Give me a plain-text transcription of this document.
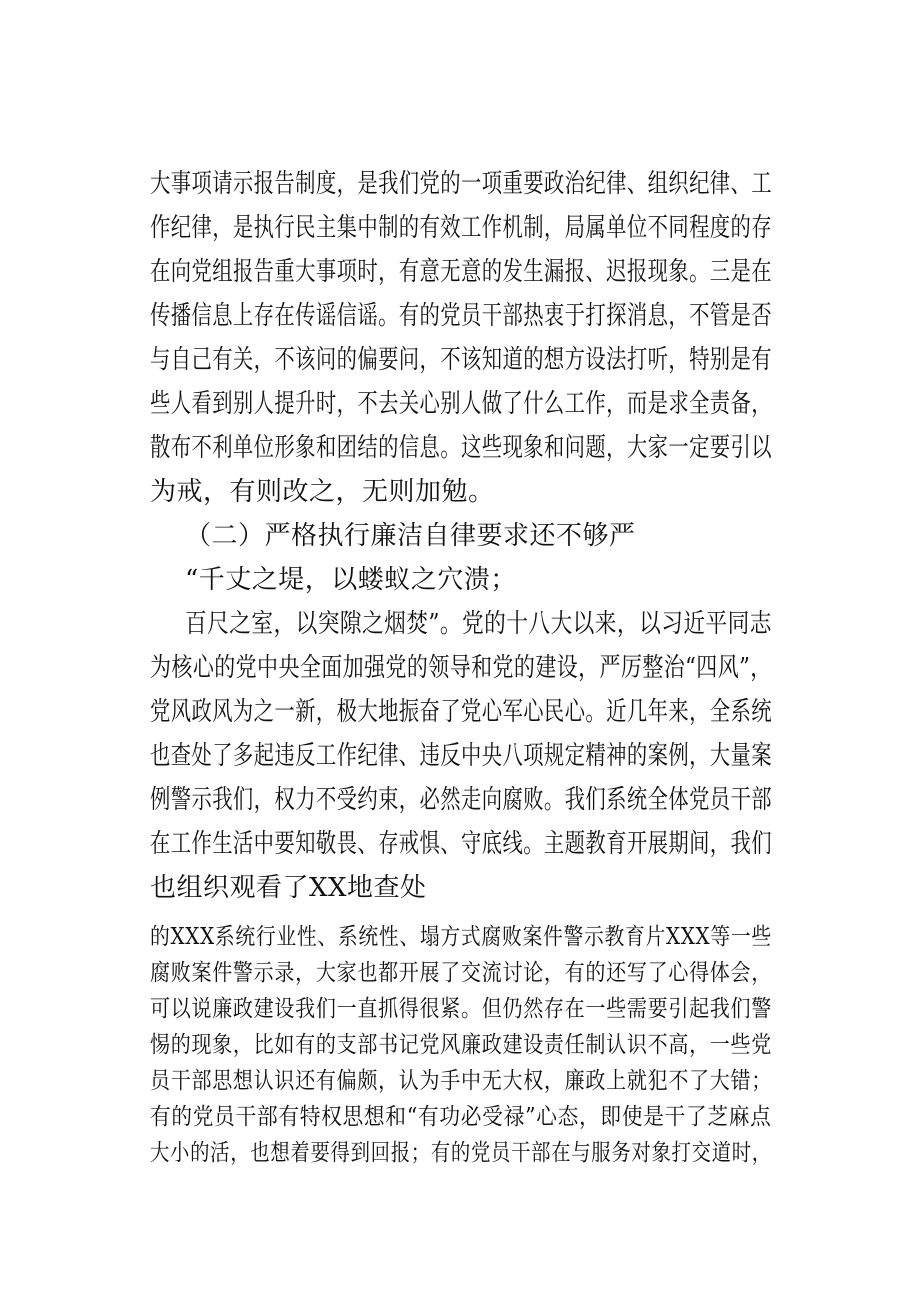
大事项请示报告制度，是我们党的一项重要政治纪律、组织纪律、工
作纪律，是执行民主集中制的有效工作机制，局属单位不同程度的存
在向党组报告重大事项时，有意无意的发生漏报、迟报现象。三是在
传播信息上存在传谣信谣。有的党员干部热衷于打探消息，不管是否
与自己有关，不该问的偏要问，不该知道的想方设法打听，特别是有
些人看到别人提升时，不去关心别人做了什么工作，而是求全责备，
散布不利单位形象和团结的信息。这些现象和问题，大家一定要引以
为戒，有则改之，无则加勉。
（二）严格执行廉洁自律要求还不够严
“千丈之堤，以蝼蚁之穴溃；
百尺之室，以突隙之烟焚”。党的十八大以来，以习近平同志
为核心的党中央全面加强党的领导和党的建设，严厉整治“四风”，
党风政风为之一新，极大地振奋了党心军心民心。近几年来，全系统
也查处了多起违反工作纪律、违反中央八项规定精神的案例，大量案
例警示我们，权力不受约束，必然走向腐败。我们系统全体党员干部
在工作生活中要知敬畏、存戒惧、守底线。主题教育开展期间，我们
也组织观看了XX地查处
的XXX系统行业性、系统性、塌方式腐败案件警示教育片XXX等一些
腐败案件警示录，大家也都开展了交流讨论，有的还写了心得体会，
可以说廉政建设我们一直抓得很紧。但仍然存在一些需要引起我们警
惕的现象，比如有的支部书记党风廉政建设责任制认识不高，一些党
员干部思想认识还有偏颇，认为手中无大权，廉政上就犯不了大错；
有的党员干部有特权思想和“有功必受禄”心态，即使是干了芝麻点
大小的活，也想着要得到回报；有的党员干部在与服务对象打交道时，
